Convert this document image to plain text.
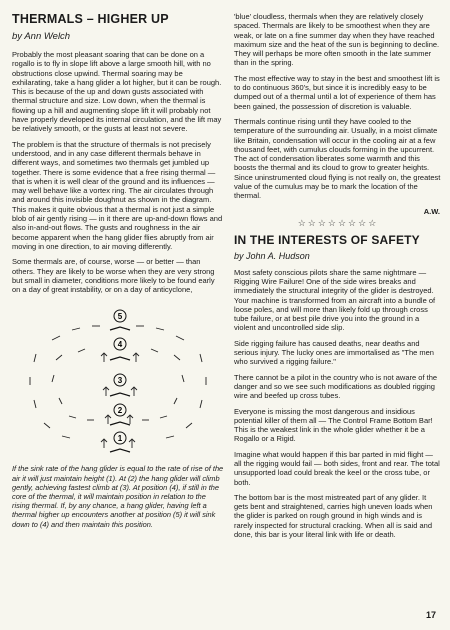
THERMALS – HIGHER UP
by Ann Welch

Probably the most pleasant soaring that can be done on a rogallo is to fly in slope lift above a large smooth hill, with no obstructions close upwind. Thermal soaring may be exhilarating, take a hang glider a lot higher, but it can be rough. This is because of the up and down gusts associated with thermal structure and size. Low down, when the thermal is flowing up a hill and augmenting slope lift it will probably not have properly developed its internal circulation, and the lift may be relatively smooth, or the gusts at least not severe.

The problem is that the structure of thermals is not precisely understood, and in any case different thermals behave in different ways, and sometimes two thermals get jumbled up together. There is some evidence that a free rising thermal — that is when it is well clear of the ground and its influences — may well behave like a vortex ring. The air circulates through and around this invisible doughnut as shown in the diagram. This makes it quite obvious that a thermal is not just a simple blob of air gently rising — in it there are up-and-down flows and also in-and-out flows. The gusts and roughness in the air become apparent when the hang glider flies abruptly from air moving in one direction, to air moving differently.

Some thermals are, of course, worse — or better — than others. They are likely to be worse when they are very strong but small in diameter, conditions more likely to be found early on a day of great instability, or on a day of anticyclone,

5
4
3
2
1
If the sink rate of the hang glider is equal to the rate of rise of the air it will just maintain height (1). At (2) the hang glider will climb gently, achieving fastest climb at (3). At position (4), if still in the core of the thermal, it will maintain position in relation to the rising thermal. If, by any chance, a hang glider, having left a thermal higher up encounters another at position (5) it will sink down to (4) and then maintain this position.

'blue' cloudless, thermals when they are relatively closely spaced. Thermals are likely to be smoothest when they are weak, or late on a fine summer day when they have reached maximum size and the heat of the sun is beginning to decline. They will perhaps be more often smooth in the late summer than in the spring.

The most effective way to stay in the best and smoothest lift is to do continuous 360's, but since it is incredibly easy to be dumped out of a thermal until a lot of experience of them has been gained, the possession of discretion is valuable.

Thermals continue rising until they have cooled to the temperature of the surrounding air. Usually, in a moist climate like Britain, condensation will occur in the cooling air at a few thousand feet, with cumulus clouds forming in the upcurrent. The act of condensation liberates some warmth and this boosts the thermal and its cloud to grow to greater heights. Since uninstrumented cloud flying is not really on, the greatest value of the cumulus may be to mark the location of the thermal.

A.W.
☆☆☆☆☆☆☆☆
IN THE INTERESTS OF SAFETY
by John A. Hudson

Most safety conscious pilots share the same nightmare — Rigging Wire Failure! One of the side wires breaks and immediately the structural integrity of the glider is destroyed. Your machine is transformed from an aircraft into a bundle of loose poles, and will more than likely fold up through cross tube failure, or at best pile drive you into the ground in a violent and uncontrolled side slip.

Side rigging failure has caused deaths, near deaths and serious injury. The lucky ones are immortalised as "The men who survived a rigging failure."

There cannot be a pilot in the country who is not aware of the danger and so we see such modifications as doubled rigging wire and beefed up cross tubes.

Everyone is missing the most dangerous and insidious potential killer of them all — The Control Frame Bottom Bar! This is the weakest link in the whole glider whether it be a Rogallo or a Rigid.

Imagine what would happen if this bar parted in mid flight — all the rigging would fail — both sides, front and rear. The total unsupported load could break the keel or the cross tube, or both.

The bottom bar is the most mistreated part of any glider. It gets bent and straightened, carries high uneven loads when the glider is parked on rough ground in high winds and is rarely inspected for structural cracking. When all is said and done, this bar is your literal link with life or death.

17
